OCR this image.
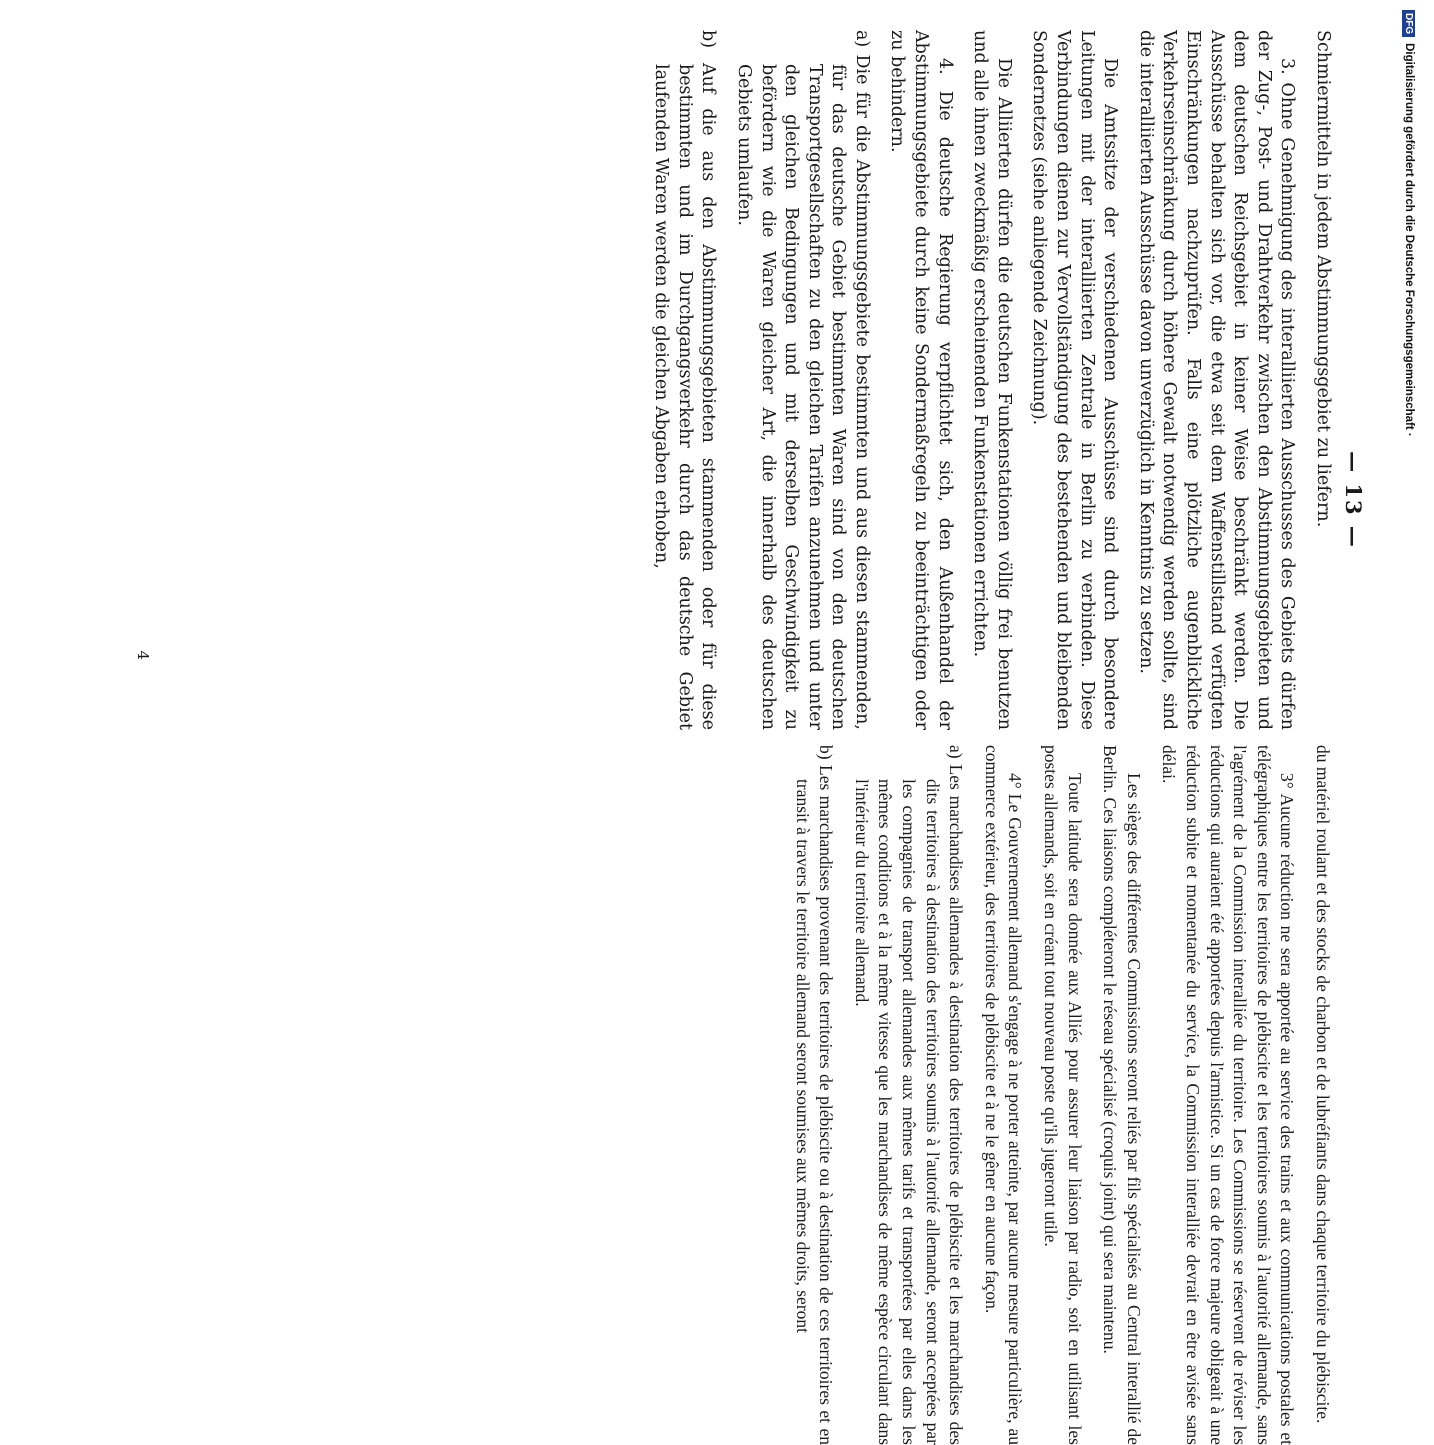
— 13 —

Schmiermitteln in jedem Abstimmungsgebiet zu liefern.

3. Ohne Genehmigung des interalliierten Ausschusses des Gebiets dürfen der Zug-, Post- und Drahtverkehr zwischen den Abstimmungsgebieten und dem deutschen Reichsgebiet in keiner Weise beschränkt werden. Die Ausschüsse behalten sich vor, die etwa seit dem Waffenstillstand verfügten Einschränkungen nachzuprüfen. Falls eine plötzliche augenblickliche Verkehrseinschränkung durch höhere Gewalt notwendig werden sollte, sind die interalliierten Ausschüsse davon unverzüglich in Kenntnis zu setzen.

Die Amtssitze der verschiedenen Ausschüsse sind durch besondere Leitungen mit der interalliierten Zentrale in Berlin zu verbinden. Diese Verbindungen dienen zur Vervollständigung des bestehenden und bleibenden Sondernetzes (siehe anliegende Zeichnung).

Die Alliierten dürfen die deutschen Funkenstationen völlig frei benutzen und alle ihnen zweckmäßig erscheinenden Funkenstationen errichten.

4. Die deutsche Regierung verpflichtet sich, den Außenhandel der Abstimmungsgebiete durch keine Sondermaßregeln zu beeinträchtigen oder zu behindern.

a) Die für die Abstimmungsgebiete bestimmten und aus diesen stammenden, für das deutsche Gebiet bestimmten Waren sind von den deutschen Transportgesellschaften zu den gleichen Tarifen anzunehmen und unter den gleichen Bedingungen und mit derselben Geschwindigkeit zu befördern wie die Waren gleicher Art, die innerhalb des deutschen Gebiets umlaufen.

b) Auf die aus den Abstimmungsgebieten stammenden oder für diese bestimmten und im Durchgangsverkehr durch das deutsche Gebiet laufenden Waren werden die gleichen Abgaben erhoben,

4

du matériel roulant et des stocks de charbon et de lubréfiants dans chaque territoire du plébiscite.

3° Aucune réduction ne sera apportée au service des trains et aux communications postales et télégraphiques entre les territoires de plébiscite et les territoires soumis à l'autorité allemande, sans l'agrément de la Commission interalliée du territoire. Les Commissions se réservent de réviser les réductions qui auraient été apportées depuis l'armistice. Si un cas de force majeure obligeait à une réduction subite et momentanée du service, la Commission interalliée devrait en être avisée sans délai.

Les sièges des différentes Commissions seront reliés par fils spécialisés au Central interallié de Berlin. Ces liaisons compléteront le réseau spécialisé (croquis joint) qui sera maintenu.

Toute latitude sera donnée aux Alliés pour assurer leur liaison par radio, soit en utilisant les postes allemands, soit en créant tout nouveau poste qu'ils jugeront utile.

4° Le Gouvernement allemand s'engage à ne porter atteinte, par aucune mesure particulière, au commerce extérieur, des territoires de plébiscite et à ne le gêner en aucune façon.

a) Les marchandises allemandes à destination des territoires de plébiscite et les marchandises des dits territoires à destination des territoires soumis à l'autorité allemande, seront acceptées par les compagnies de transport allemandes aux mêmes tarifs et transportées par elles dans les mêmes conditions et à la même vitesse que les marchandises de même espèce circulant dans l'intérieur du territoire allemand.

b) Les marchandises provenant des territoires de plébiscite ou à destination de ces territoires et en transit à travers le territoire allemand seront soumises aux mêmes droits, seront

DFG
Digitalisierung gefördert durch die Deutsche Forschungsgemeinschaft ·
